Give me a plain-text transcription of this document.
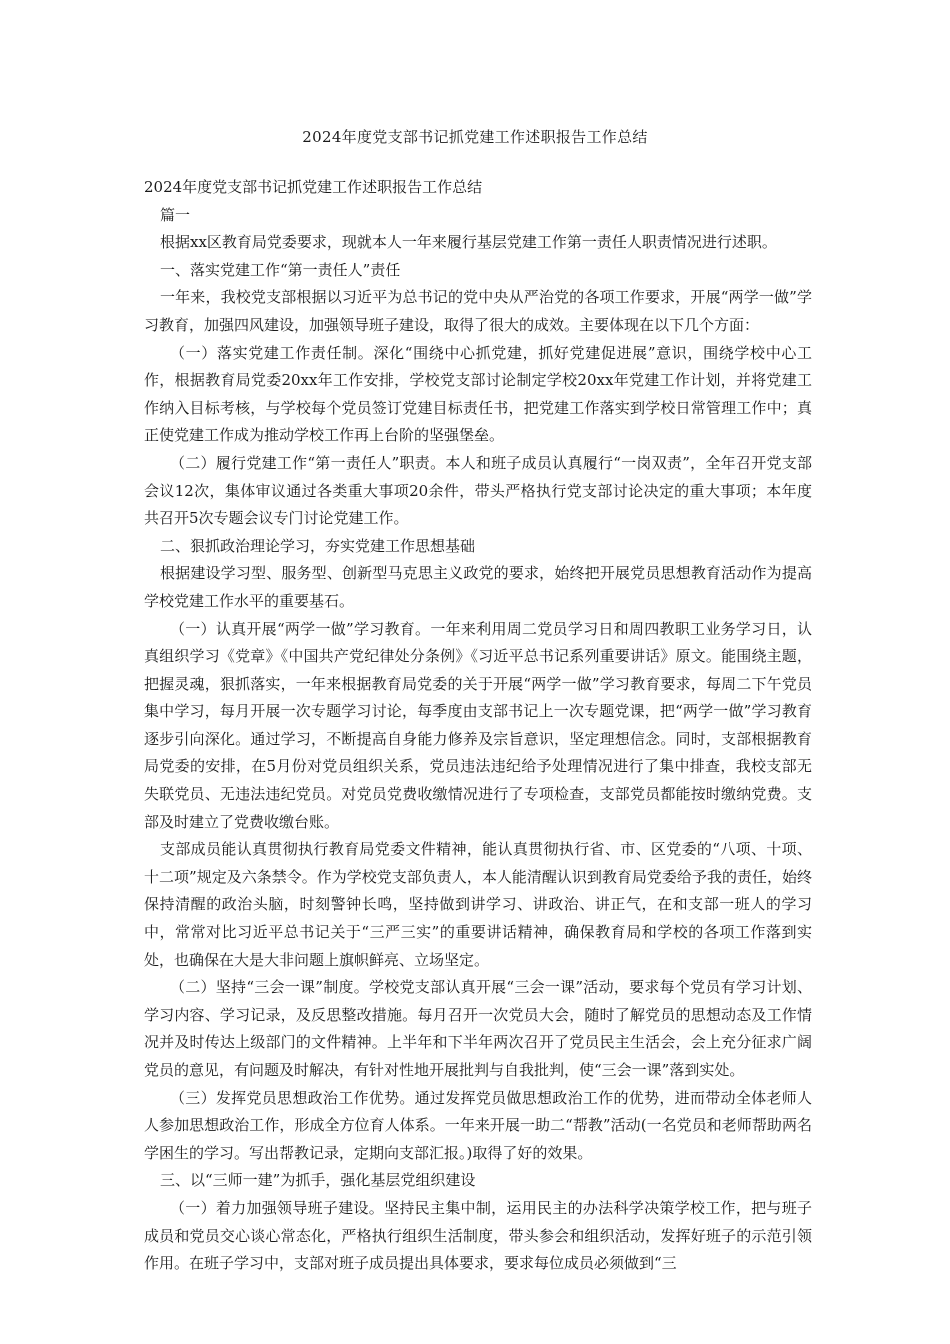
2024年度党支部书记抓党建工作述职报告工作总结

2024年度党支部书记抓党建工作述职报告工作总结

篇一

根据xx区教育局党委要求，现就本人一年来履行基层党建工作第一责任人职责情况进行述职。

一、落实党建工作“第一责任人”责任

一年来，我校党支部根据以习近平为总书记的党中央从严治党的各项工作要求，开展“两学一做”学习教育，加强四风建设，加强领导班子建设，取得了很大的成效。主要体现在以下几个方面：

（一）落实党建工作责任制。深化“围绕中心抓党建，抓好党建促进展”意识，围绕学校中心工作，根据教育局党委20xx年工作安排，学校党支部讨论制定学校20xx年党建工作计划，并将党建工作纳入目标考核，与学校每个党员签订党建目标责任书，把党建工作落实到学校日常管理工作中；真正使党建工作成为推动学校工作再上台阶的坚强堡垒。

（二）履行党建工作“第一责任人”职责。本人和班子成员认真履行“一岗双责”，全年召开党支部会议12次，集体审议通过各类重大事项20余件，带头严格执行党支部讨论决定的重大事项；本年度共召开5次专题会议专门讨论党建工作。

二、狠抓政治理论学习，夯实党建工作思想基础

根据建设学习型、服务型、创新型马克思主义政党的要求，始终把开展党员思想教育活动作为提高学校党建工作水平的重要基石。

（一）认真开展“两学一做”学习教育。一年来利用周二党员学习日和周四教职工业务学习日，认真组织学习《党章》《中国共产党纪律处分条例》《习近平总书记系列重要讲话》原文。能围绕主题，把握灵魂，狠抓落实，一年来根据教育局党委的关于开展“两学一做”学习教育要求，每周二下午党员集中学习，每月开展一次专题学习讨论，每季度由支部书记上一次专题党课，把“两学一做”学习教育逐步引向深化。通过学习，不断提高自身能力修养及宗旨意识，坚定理想信念。同时，支部根据教育局党委的安排，在5月份对党员组织关系，党员违法违纪给予处理情况进行了集中排查，我校支部无失联党员、无违法违纪党员。对党员党费收缴情况进行了专项检查，支部党员都能按时缴纳党费。支部及时建立了党费收缴台账。

支部成员能认真贯彻执行教育局党委文件精神，能认真贯彻执行省、市、区党委的“八项、十项、十二项”规定及六条禁令。作为学校党支部负责人，本人能清醒认识到教育局党委给予我的责任，始终保持清醒的政治头脑，时刻警钟长鸣，坚持做到讲学习、讲政治、讲正气，在和支部一班人的学习中，常常对比习近平总书记关于“三严三实”的重要讲话精神，确保教育局和学校的各项工作落到实处，也确保在大是大非问题上旗帜鲜亮、立场坚定。

（二）坚持“三会一课”制度。学校党支部认真开展“三会一课”活动，要求每个党员有学习计划、学习内容、学习记录，及反思整改措施。每月召开一次党员大会，随时了解党员的思想动态及工作情况并及时传达上级部门的文件精神。上半年和下半年两次召开了党员民主生活会，会上充分征求广阔党员的意见，有问题及时解决，有针对性地开展批判与自我批判，使“三会一课”落到实处。

（三）发挥党员思想政治工作优势。通过发挥党员做思想政治工作的优势，进而带动全体老师人人参加思想政治工作，形成全方位育人体系。一年来开展一助二“帮教”活动(一名党员和老师帮助两名学困生的学习。写出帮教记录，定期向支部汇报。)取得了好的效果。

三、以“三师一建”为抓手，强化基层党组织建设

（一）着力加强领导班子建设。坚持民主集中制，运用民主的办法科学决策学校工作，把与班子成员和党员交心谈心常态化，严格执行组织生活制度，带头参会和组织活动，发挥好班子的示范引领作用。在班子学习中，支部对班子成员提出具体要求，要求每位成员必须做到“三
